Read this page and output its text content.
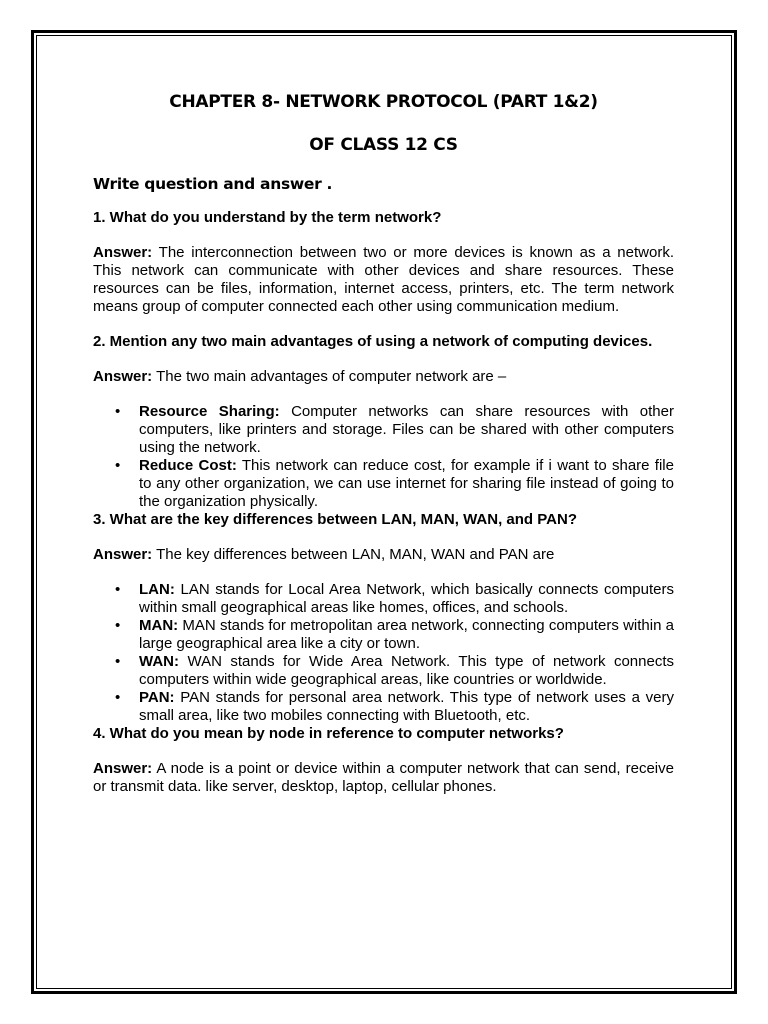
CHAPTER 8- NETWORK PROTOCOL (PART 1&2)

OF CLASS 12 CS

Write question and answer .

1. What do you understand by the term network?

Answer: The interconnection between two or more devices is known as a network. This network can communicate with other devices and share resources. These resources can be files, information, internet access, printers, etc. The term network means group of computer connected each other using communication medium.

2. Mention any two main advantages of using a network of computing devices.

Answer: The two main advantages of computer network are –

• Resource Sharing: Computer networks can share resources with other computers, like printers and storage. Files can be shared with other computers using the network.
• Reduce Cost: This network can reduce cost, for example if i want to share file to any other organization, we can use internet for sharing file instead of going to the organization physically.

3. What are the key differences between LAN, MAN, WAN, and PAN?

Answer: The key differences between LAN, MAN, WAN and PAN are

• LAN: LAN stands for Local Area Network, which basically connects computers within small geographical areas like homes, offices, and schools.
• MAN: MAN stands for metropolitan area network, connecting computers within a large geographical area like a city or town.
• WAN: WAN stands for Wide Area Network. This type of network connects computers within wide geographical areas, like countries or worldwide.
• PAN: PAN stands for personal area network. This type of network uses a very small area, like two mobiles connecting with Bluetooth, etc.

4. What do you mean by node in reference to computer networks?

Answer: A node is a point or device within a computer network that can send, receive or transmit data. like server, desktop, laptop, cellular phones.
